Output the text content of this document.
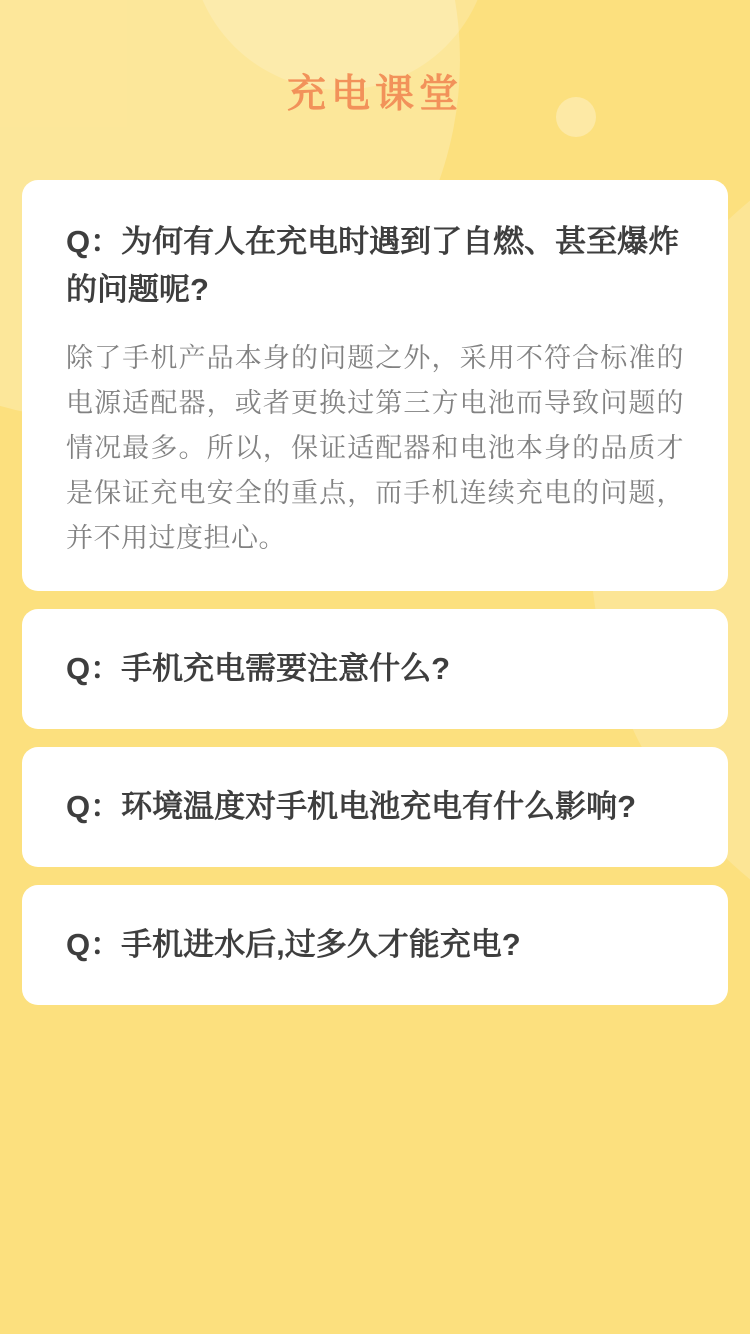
充电课堂
Q：为何有人在充电时遇到了自燃、甚至爆炸的问题呢?

除了手机产品本身的问题之外，采用不符合标准的电源适配器，或者更换过第三方电池而导致问题的情况最多。所以，保证适配器和电池本身的品质才是保证充电安全的重点，而手机连续充电的问题，并不用过度担心。

Q：手机充电需要注意什么?
Q：环境温度对手机电池充电有什么影响?
Q：手机进水后,过多久才能充电?
